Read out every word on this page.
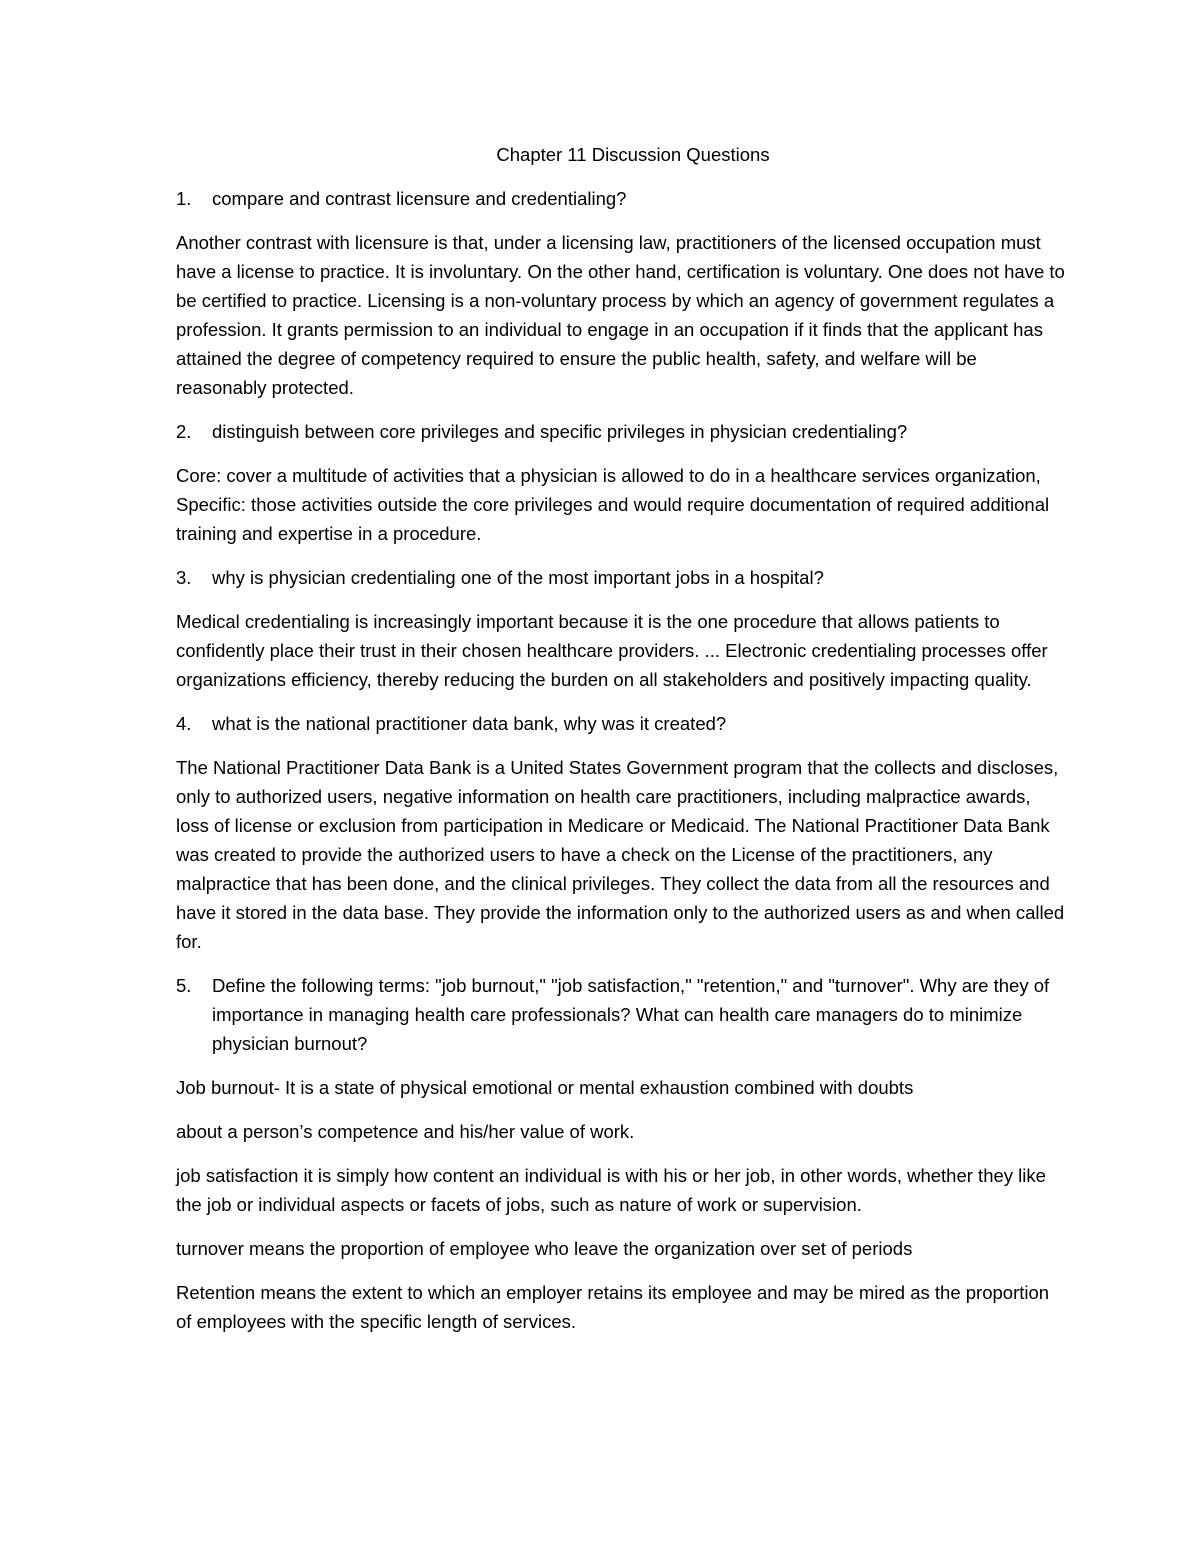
Chapter 11 Discussion Questions
1.	compare and contrast licensure and credentialing?

Another contrast with licensure is that, under a licensing law, practitioners of the licensed occupation must have a license to practice. It is involuntary. On the other hand, certification is voluntary. One does not have to be certified to practice. Licensing is a non-voluntary process by which an agency of government regulates a profession. It grants permission to an individual to engage in an occupation if it finds that the applicant has attained the degree of competency required to ensure the public health, safety, and welfare will be reasonably protected.

2.	distinguish between core privileges and specific privileges in physician credentialing?

Core: cover a multitude of activities that a physician is allowed to do in a healthcare services organization, Specific: those activities outside the core privileges and would require documentation of required additional training and expertise in a procedure.

3.	why is physician credentialing one of the most important jobs in a hospital?

Medical credentialing is increasingly important because it is the one procedure that allows patients to confidently place their trust in their chosen healthcare providers. ... Electronic credentialing processes offer organizations efficiency, thereby reducing the burden on all stakeholders and positively impacting quality.

4.	what is the national practitioner data bank, why was it created?

The National Practitioner Data Bank is a United States Government program that the collects and discloses, only to authorized users, negative information on health care practitioners, including malpractice awards, loss of license or exclusion from participation in Medicare or Medicaid. The National Practitioner Data Bank was created to provide the authorized users to have a check on the License of the practitioners, any malpractice that has been done, and the clinical privileges. They collect the data from all the resources and have it stored in the data base. They provide the information only to the authorized users as and when called for.

5.	Define the following terms: "job burnout," "job satisfaction," "retention," and "turnover". Why are they of importance in managing health care professionals? What can health care managers do to minimize physician burnout?

Job burnout- It is a state of physical emotional or mental exhaustion combined with doubts

about a person’s competence and his/her value of work.

job satisfaction it is simply how content an individual is with his or her job, in other words, whether they like the job or individual aspects or facets of jobs, such as nature of work or supervision.

turnover means the proportion of employee who leave the organization over set of periods

Retention means the extent to which an employer retains its employee and may be mired as the proportion of employees with the specific length of services.
